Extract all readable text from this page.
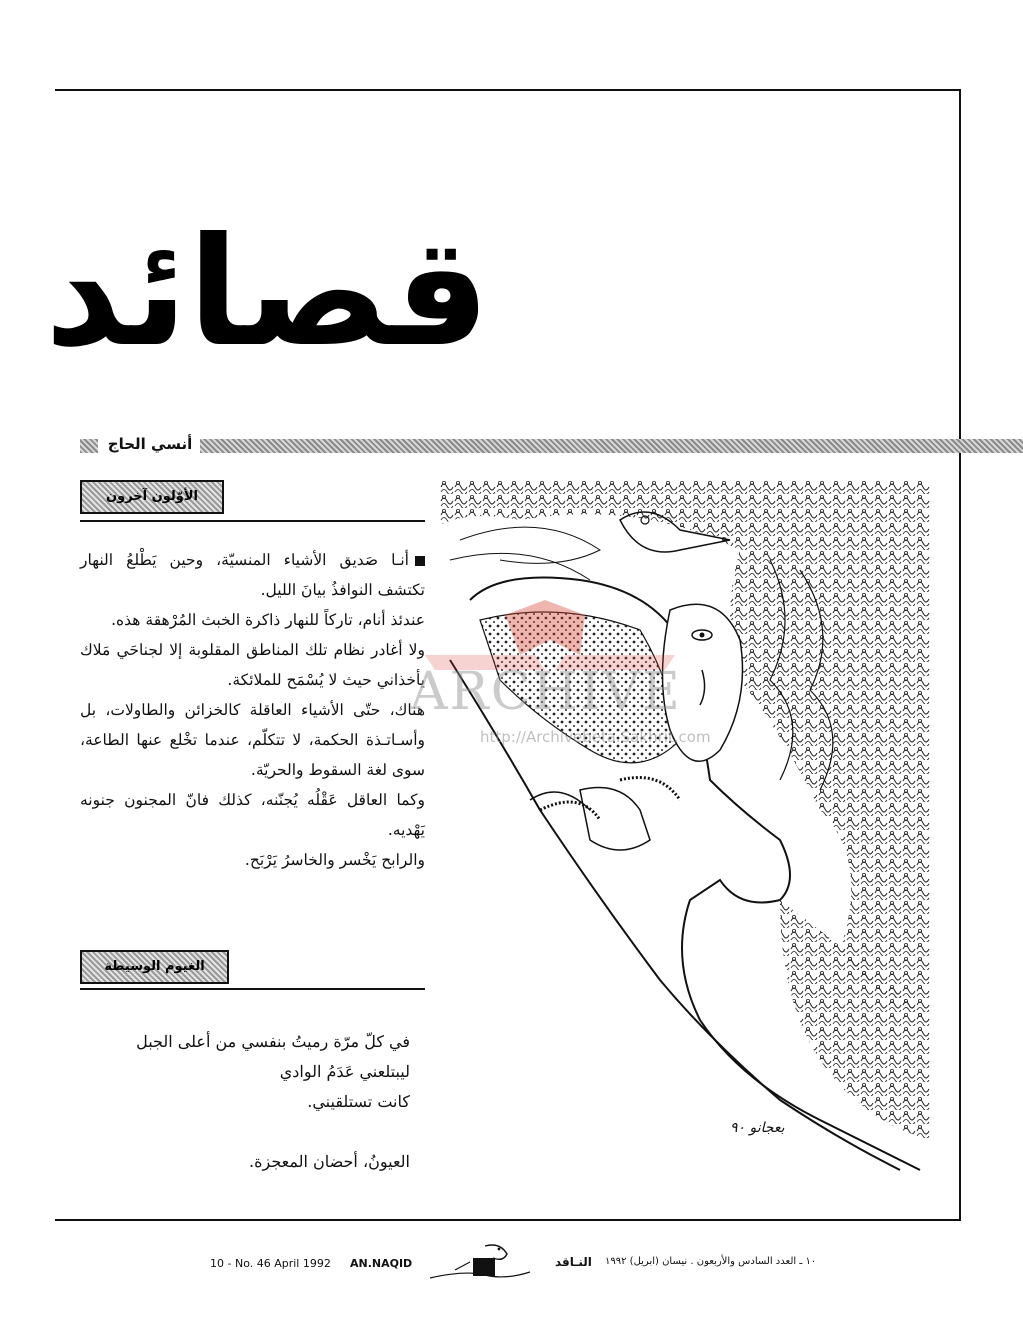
قصائد
أنسي الحاج
الأوّلون آخرون

أنـا صَديق الأشياء المنسيّة، وحين يَطْلعُ النهار تكتشف النوافذُ بيانَ الليل.

عندئذ أنام، تاركاً للنهار ذاكرة الخبث المُرْهقة هذه.

ولا أغادر نظام تلك المناطق المقلوبة إلا لجناحَي مَلاك يأخذاني حيث لا يُسْمَح للملائكة.

هناك، حتّى الأشياء العاقلة كالخزائن والطاولات، بل وأسـاتـذة الحكمة، لا تتكلّم، عندما تخْلع عنها الطاعة، سوى لغة السقوط والحريّة.

وكما العاقل عَقْلُه يُجنّنه، كذلك فانّ المجنون جنونه يَهْديه.

والرابح يَخْسر والخاسرُ يَرْبَح.

الغيوم الوسيطة

في كلّ مرّة رميتُ بنفسي من أعلى الجبل

ليبتلعني عَدَمُ الوادي

كانت تستلقيني.

العيونُ، أحضان المعجزة.

بعجانو ٩٠
ARCHIVE
http://Archivebeta.Sakhrit.com
10 - No. 46 April 1992 AN.NAQID	النـاقد ١٠ ـ العدد السادس والأربعون . نيسان (ابريل) ١٩٩٢
